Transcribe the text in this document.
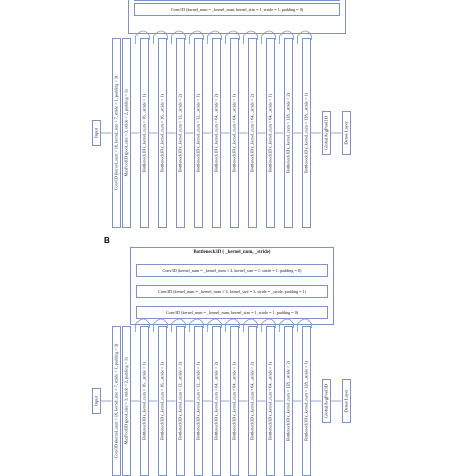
Conv1D (kernel_num = _kernel_num, kernel_size = 1, stride = 1, padding = 0)
Input	Conv1D (kernel_num = 16, kernel_size = 7, stride = 1, padding = 3) MaxPool1D (pool_size = 3, stride = 2, padding = 1)	Bottleneck1D (_kernel_num = 16, _stride = 1)	Bottleneck1D (_kernel_num = 16, _stride = 1)	Bottleneck1D (_kernel_num = 32, _stride = 2)	Bottleneck1D (_kernel_num = 32, _stride = 1)	Bottleneck1D (_kernel_num = 64, _stride = 2)	Bottleneck1D (_kernel_num = 64, _stride = 1)	Bottleneck1D (_kernel_num = 64, _stride = 2)	Bottleneck1D (_kernel_num = 64, _stride = 1)	Bottleneck1D (_kernel_num = 128, _stride = 2)	Bottleneck1D (_kernel_num = 128, _stride = 1)	GlobalAvgPool1D	Dense Layer
B
Bottleneck3D ( _kernel_num, _stride)
Conv3D (kernel_num = _kernel_num // 4, kernel_size = 1, stride = 1, padding = 0)
Conv3D (kernel_num = _kernel_num // 4, kernel_size = 3, stride = _stride, padding = 1)
Conv3D (kernel_num = _kernel_num, kernel_size = 1, stride = 1, padding = 0)
Input	Conv3D (kernel_num = 16, kernel_size = 7, stride = 1, padding = 3) MaxPool3D (pool_size = 3, stride = 2, padding = 1)	Bottleneck3D (_kernel_num = 16, _stride = 1)	Bottleneck3D (_kernel_num = 16, _stride = 1)	Bottleneck3D (_kernel_num = 32, _stride = 2)	Bottleneck3D (_kernel_num = 32, _stride = 1)	Bottleneck3D (_kernel_num = 64, _stride = 2)	Bottleneck3D (_kernel_num = 64, _stride = 1)	Bottleneck3D (_kernel_num = 64, _stride = 2)	Bottleneck3D (_kernel_num = 64, _stride = 1)	Bottleneck3D (_kernel_num = 128, _stride = 2)	Bottleneck3D (_kernel_num = 128, _stride = 1)	GlobalAvgPool3D	Dense Layer
